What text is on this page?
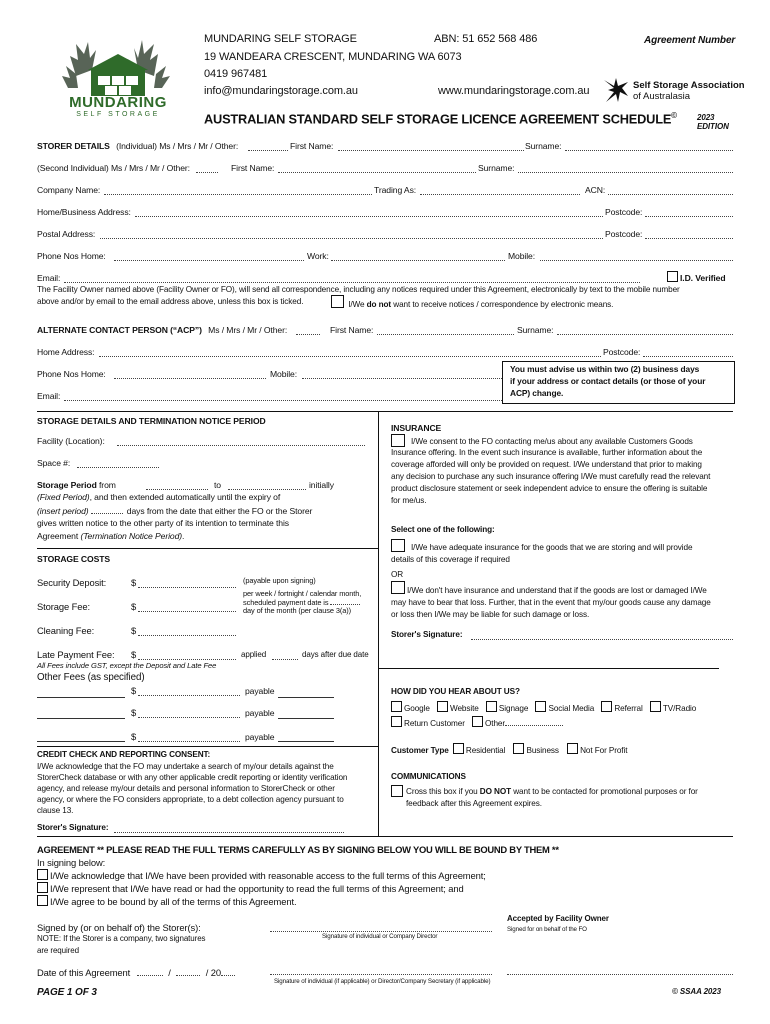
MUNDARING
SELF STORAGE
MUNDARING SELF STORAGE	ABN: 51 652 568 486	Agreement Number
19 WANDEARA CRESCENT, MUNDARING WA 6073
0419 967481
info@mundaringstorage.com.au	www.mundaringstorage.com.au	Self Storage Association
of Australasia
AUSTRALIAN STANDARD SELF STORAGE LICENCE AGREEMENT SCHEDULE©	2023
EDITION
STORER DETAILS (Individual) Ms / Mrs / Mr / Other:	First Name:	Surname:
(Second Individual) Ms / Mrs / Mr / Other:	First Name:	Surname:
Company Name:	Trading As:	ACN:
Home/Business Address:	Postcode:
Postal Address:	Postcode:
Phone Nos Home:	Work:	Mobile:
Email:	I.D. Verified
The Facility Owner named above (Facility Owner or FO), will send all correspondence, including any notices required under this Agreement, electronically by text to the mobile number
above and/or by email to the email address above, unless this box is ticked.	I/We do not want to receive notices / correspondence by electronic means.
ALTERNATE CONTACT PERSON (“ACP”) Ms / Mrs / Mr / Other:	First Name:	Surname:
Home Address:	Postcode:
Phone Nos Home:	Mobile:
Email:
You must advise us within two (2) business days
if your address or contact details (or those of your
ACP) change.
STORAGE DETAILS AND TERMINATION NOTICE PERIOD
Facility (Location):
Space #:
Storage Period from	to	initially
(Fixed Period), and then extended automatically until the expiry of
(insert period)	days from the date that either the FO or the Storer
gives written notice to the other party of its intention to terminate this
Agreement (Termination Notice Period).
STORAGE COSTS
Security Deposit:	$	(payable upon signing)
Storage Fee:	$
per week / fortnight / calendar month,
scheduled payment date is
day of the month (per clause 3(a))
Cleaning Fee:	$
Late Payment Fee: $	applied	days after due date
All Fees include GST, except the Deposit and Late Fee
Other Fees (as specified)
$	payable
$	payable
$	payable
CREDIT CHECK AND REPORTING CONSENT:
I/We acknowledge that the FO may undertake a search of my/our details against the
StorerCheck database or with any other applicable credit reporting or identity verification
agency, and release my/our details and personal information to StorerCheck or other
agency, or where the FO considers appropriate, to a debt collection agency pursuant to
clause 13.
Storer's Signature:
INSURANCE
I/We consent to the FO contacting me/us about any available Customers Goods
Insurance offering. In the event such insurance is available, further information about the
coverage afforded will only be provided on request. I/We understand that prior to making
any decision to purchase any such insurance offering I/We must carefully read the relevant
product disclosure statement or seek independent advice to ensure the offering is suitable
for me/us.
Select one of the following:
I/We have adequate insurance for the goods that we are storing and will provide
details of this coverage if required
OR
I/We don't have insurance and understand that if the goods are lost or damaged I/We
may have to bear that loss. Further, that in the event that my/our goods cause any damage
or loss then I/We may be liable for such damage or loss.
Storer's Signature:
HOW DID YOU HEAR ABOUT US?
Google Website Signage Social Media Referral TV/Radio
Return Customer Other
Customer Type Residential	Business	Not For Profit
COMMUNICATIONS
Cross this box if you DO NOT want to be contacted for promotional purposes or for
feedback after this Agreement expires.
AGREEMENT ** PLEASE READ THE FULL TERMS CAREFULLY AS BY SIGNING BELOW YOU WILL BE BOUND BY THEM **
In signing below:
I/We acknowledge that I/We have been provided with reasonable access to the full terms of this Agreement;
I/We represent that I/We have read or had the opportunity to read the full terms of this Agreement; and
I/We agree to be bound by all of the terms of this Agreement.
Signed by (or on behalf of) the Storer(s):
NOTE: If the Storer is a company, two signatures
are required
Signature of individual or Company Director
Accepted by Facility Owner
Signed for on behalf of the FO
Date of this Agreement	/	/ 20
Signature of individual (if applicable) or Director/Company Secretary (if applicable)
PAGE 1 OF 3	© SSAA 2023
